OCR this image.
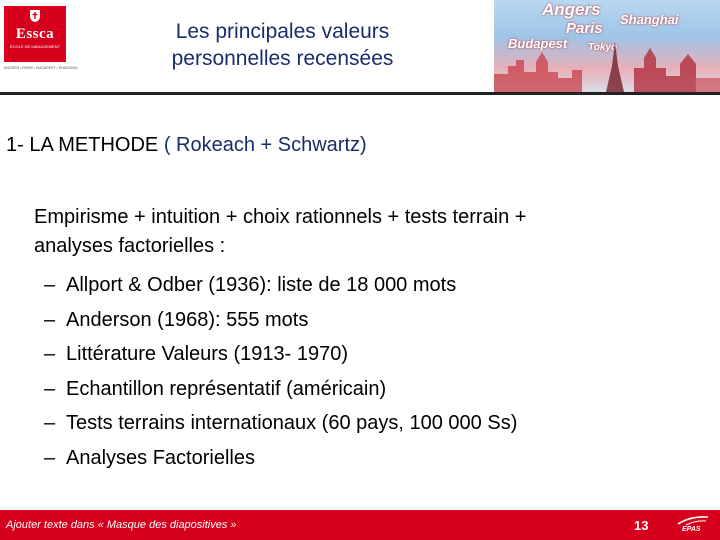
Essca
ÉCOLE DE MANAGEMENT
ANGERS • PARIS • BUDAPEST • SHANGHAI
Les principales valeurs
personnelles recensées
Angers
Shanghai
Paris
Budapest Tokyo
1- LA METHODE ( Rokeach + Schwartz)
Empirisme + intuition + choix rationnels + tests terrain +
analyses factorielles :
– Allport & Odber (1936): liste de 18 000 mots
– Anderson (1968): 555 mots
– Littérature Valeurs (1913- 1970)
– Echantillon représentatif (américain)
– Tests terrains internationaux (60 pays, 100 000 Ss)
– Analyses Factorielles
Ajouter texte dans « Masque des diapositives »	13	EPAS
